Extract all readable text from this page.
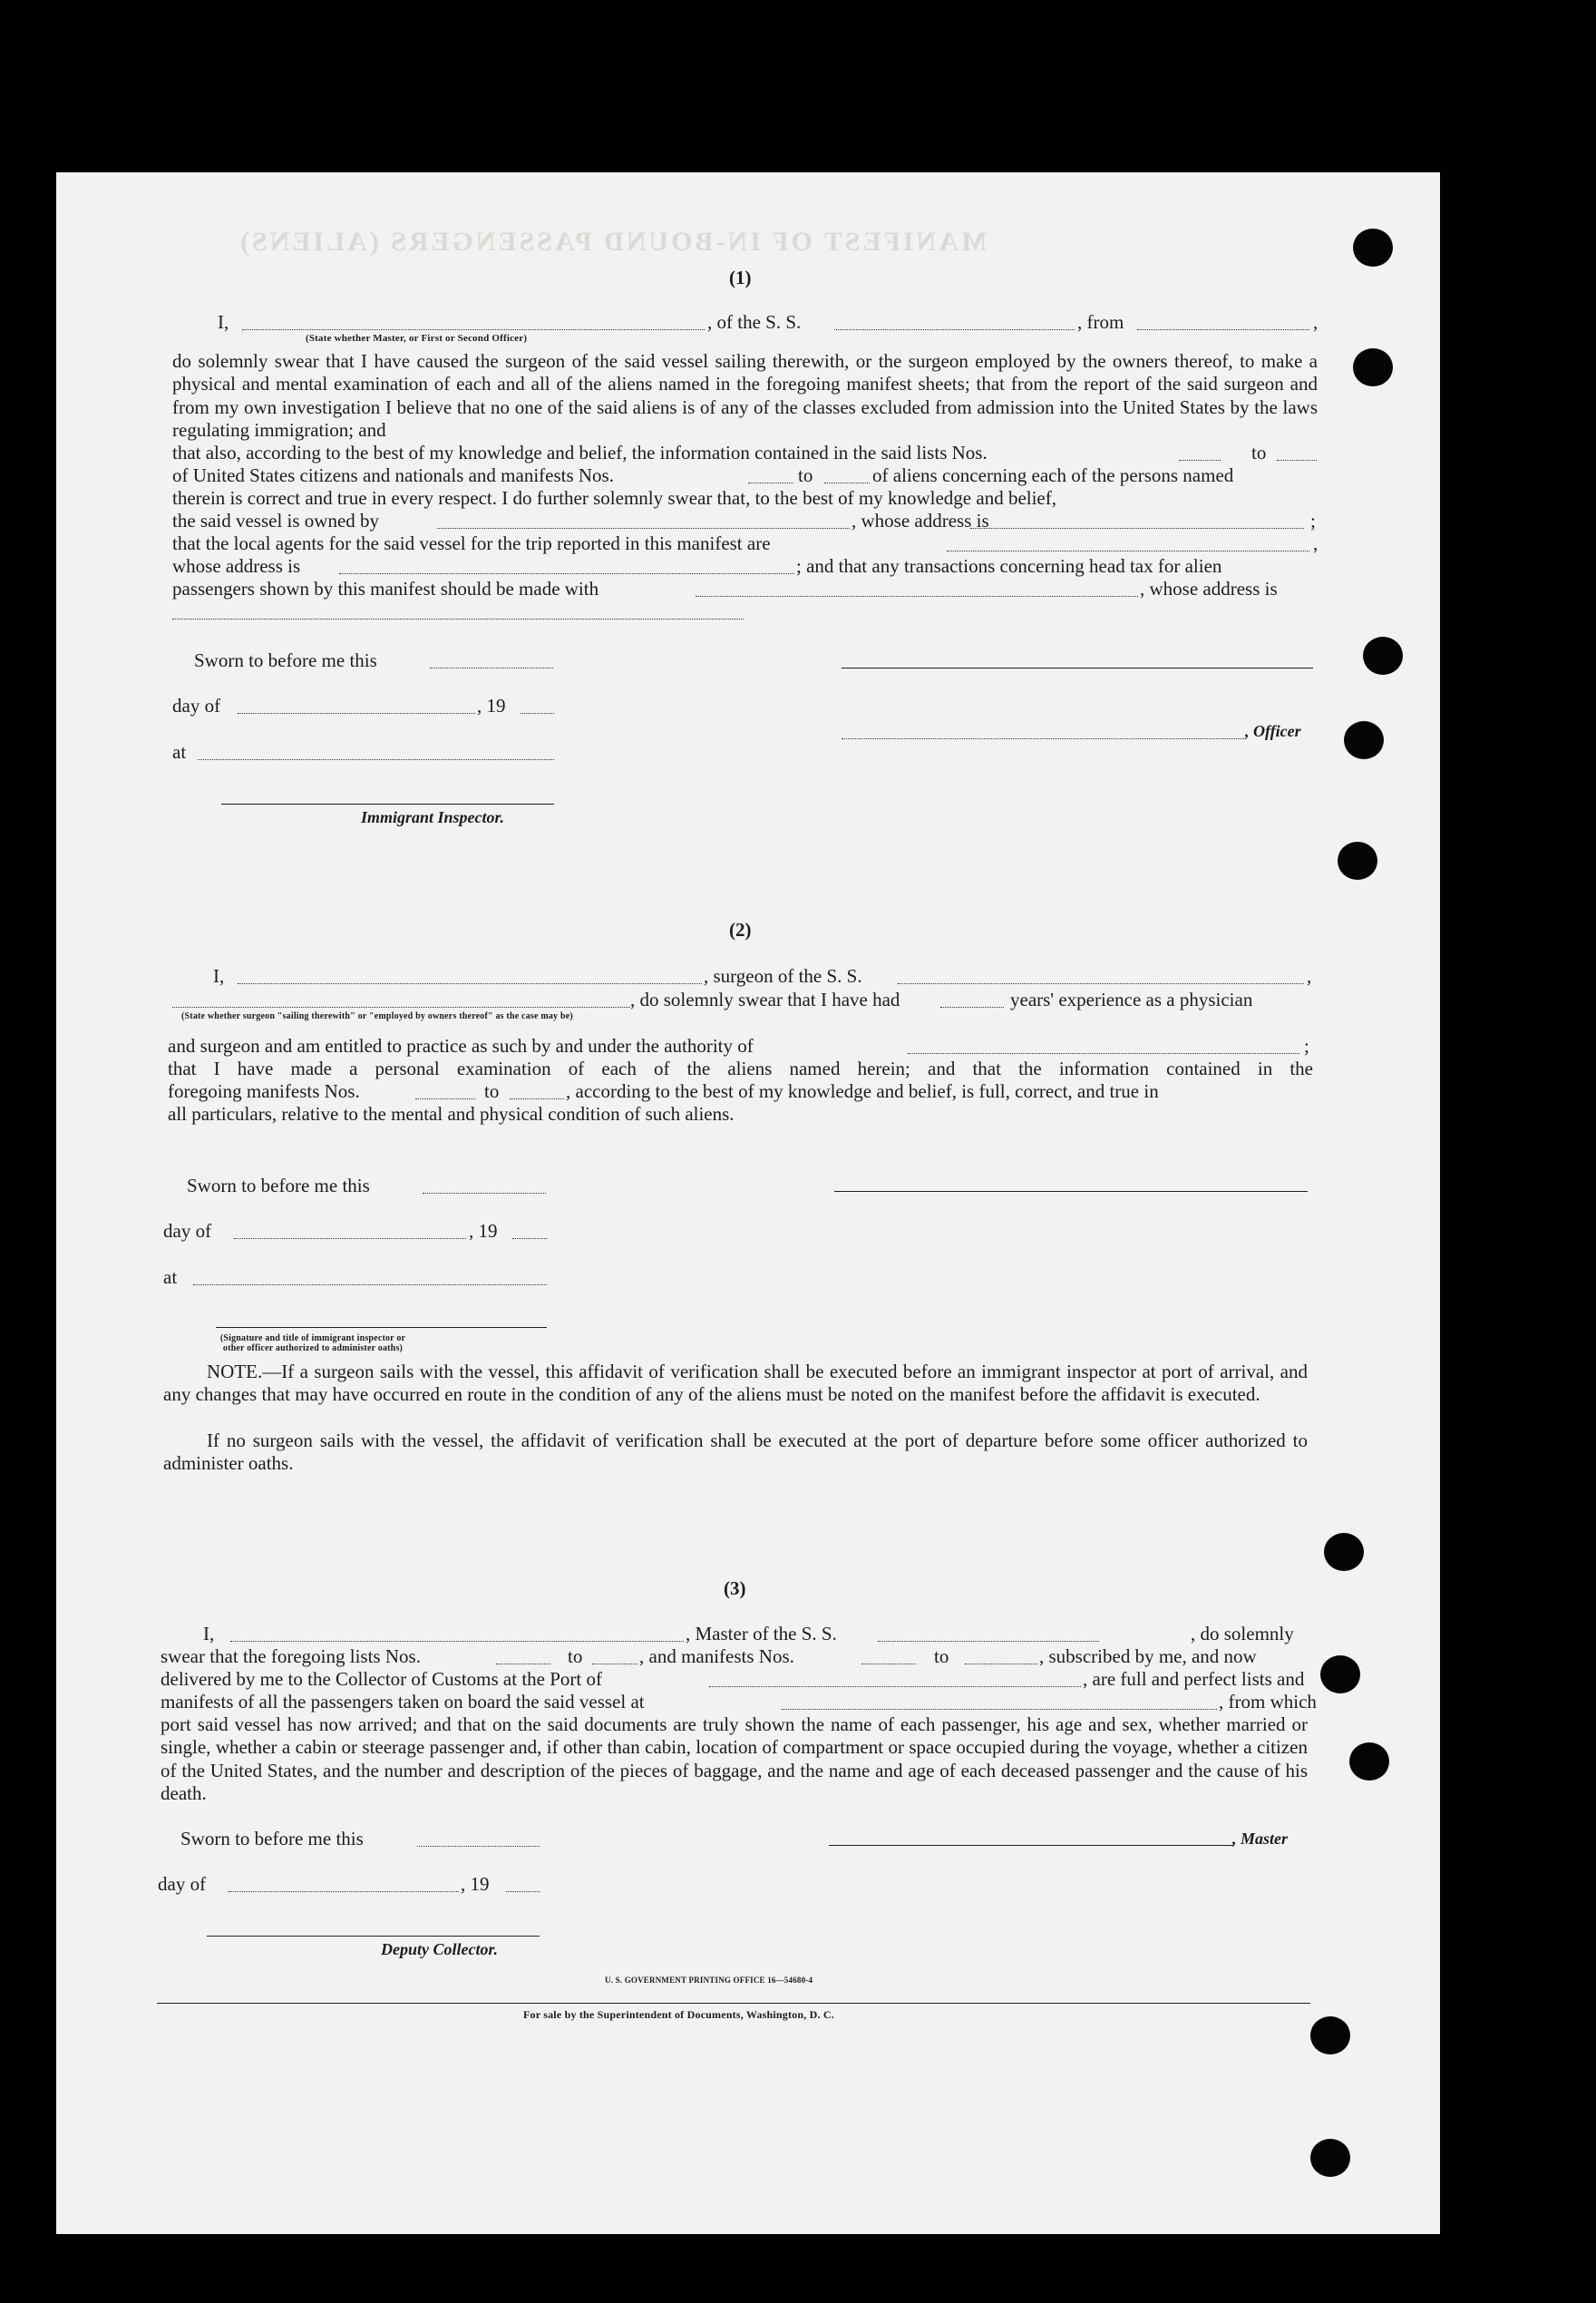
MANIFEST OF IN-BOUND PASSENGERS (ALIENS)
(1)
I,	, of the S. S.	, from	,
(State whether Master, or First or Second Officer)
do solemnly swear that I have caused the surgeon of the said vessel sailing therewith, or the surgeon employed by the owners thereof, to make a physical and mental examination of each and all of the aliens named in the foregoing manifest sheets; that from the report of the said surgeon and from my own investigation I believe that no one of the said aliens is of any of the classes excluded from admission into the United States by the laws regulating immigration; and
that also, according to the best of my knowledge and belief, the information contained in the said lists Nos.	to
of United States citizens and nationals and manifests Nos.	to	of aliens concerning each of the persons named
therein is correct and true in every respect. I do further solemnly swear that, to the best of my knowledge and belief,
the said vessel is owned by	, whose address is	;
that the local agents for the said vessel for the trip reported in this manifest are	,
whose address is	; and that any transactions concerning head tax for alien
passengers shown by this manifest should be made with	, whose address is
Sworn to before me this
day of	, 19
at
Immigrant Inspector.
, Officer
(2)
I,	, surgeon of the S. S.	,
, do solemnly swear that I have had	years' experience as a physician
(State whether surgeon "sailing therewith" or "employed by owners thereof" as the case may be)
and surgeon and am entitled to practice as such by and under the authority of	;
that I have made a personal examination of each of the aliens named herein; and that the information contained in the
foregoing manifests Nos.	to	, according to the best of my knowledge and belief, is full, correct, and true in
all particulars, relative to the mental and physical condition of such aliens.
Sworn to before me this
day of	, 19
at
(Signature and title of immigrant inspector or other officer authorized to administer oaths)
NOTE.—If a surgeon sails with the vessel, this affidavit of verification shall be executed before an immigrant inspector at port of arrival, and any changes that may have occurred en route in the condition of any of the aliens must be noted on the manifest before the affidavit is executed.
If no surgeon sails with the vessel, the affidavit of verification shall be executed at the port of departure before some officer authorized to administer oaths.
(3)
I,	, Master of the S. S.	, do solemnly
swear that the foregoing lists Nos.	to	, and manifests Nos.	to	, subscribed by me, and now
delivered by me to the Collector of Customs at the Port of	, are full and perfect lists and
manifests of all the passengers taken on board the said vessel at	, from which
port said vessel has now arrived; and that on the said documents are truly shown the name of each passenger, his age and sex, whether married or single, whether a cabin or steerage passenger and, if other than cabin, location of compartment or space occupied during the voyage, whether a citizen of the United States, and the number and description of the pieces of baggage, and the name and age of each deceased passenger and the cause of his death.
Sworn to before me this
day of	, 19
Deputy Collector.
, Master
U. S. GOVERNMENT PRINTING OFFICE 16—54680-4
For sale by the Superintendent of Documents, Washington, D. C.
